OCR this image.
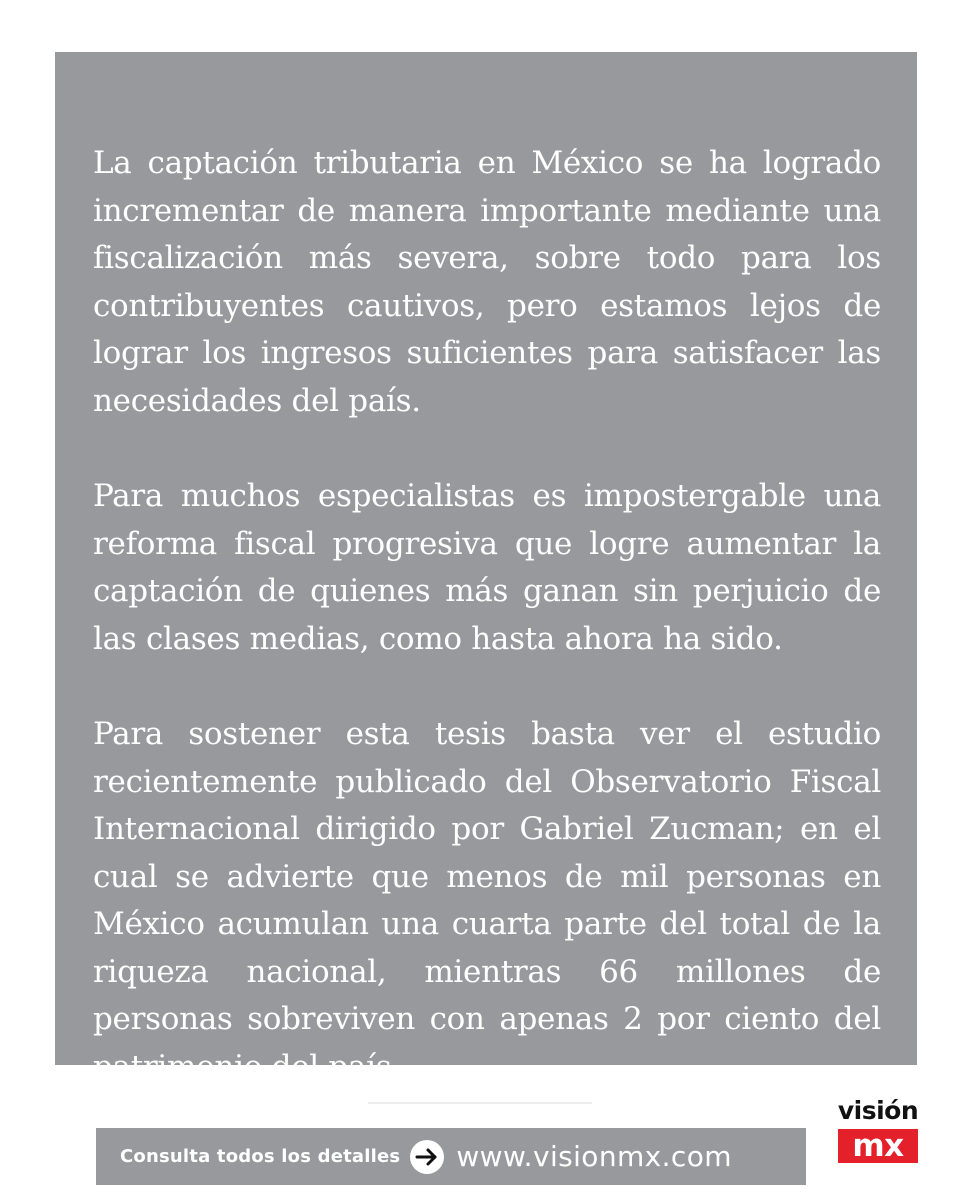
La captación tributaria en México se ha logrado incrementar de manera importante mediante una fiscalización más severa, sobre todo para los contribuyentes cautivos, pero estamos lejos de lograr los ingresos suficientes para satisfacer las necesidades del país.

Para muchos especialistas es impostergable una reforma fiscal progresiva que logre aumentar la captación de quienes más ganan sin perjuicio de las clases medias, como hasta ahora ha sido.

Para sostener esta tesis basta ver el estudio recientemente publicado del Observatorio Fiscal Internacional dirigido por Gabriel Zucman; en el cual se advierte que menos de mil personas en México acumulan una cuarta parte del total de la riqueza nacional, mientras 66 millones de personas sobreviven con apenas 2 por ciento del patrimonio del país.

Consulta todos los detalles www.visionmx.com
visión
mx
